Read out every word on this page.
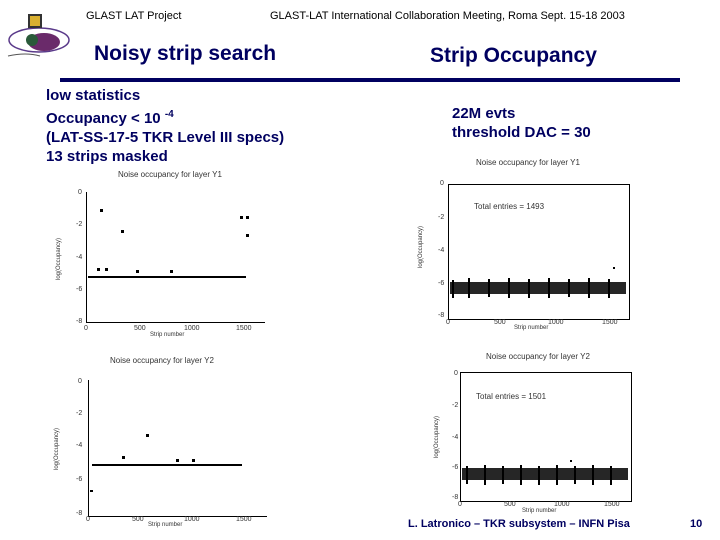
GLAST LAT Project	GLAST-LAT International Collaboration Meeting, Roma Sept. 15-18 2003
Noisy strip search	Strip Occupancy
low statistics
Occupancy < 10 $^{-4}$
(LAT-SS-17-5 TKR Level III specs)
13 strips masked
22M evts
threshold DAC = 30
Noise occupancy for layer Y1
0
-2
-4
-6
-8
0	500	1000	1500
Strip number
log(Occupancy)
Noise occupancy for layer Y1
0
-2
-4
-6
-8
0	500	1000	1500
Strip number
log(Occupancy)
Total entries = 1493
Noise occupancy for layer Y2
0
-2
-4
-6
-8
0	500	1000	1500
Strip number
log(Occupancy)
Noise occupancy for layer Y2
0
-2
-4
-6
-8
0	500	1000	1500
Strip number
log(Occupancy)
Total entries = 1501
L. Latronico – TKR subsystem – INFN Pisa	10
